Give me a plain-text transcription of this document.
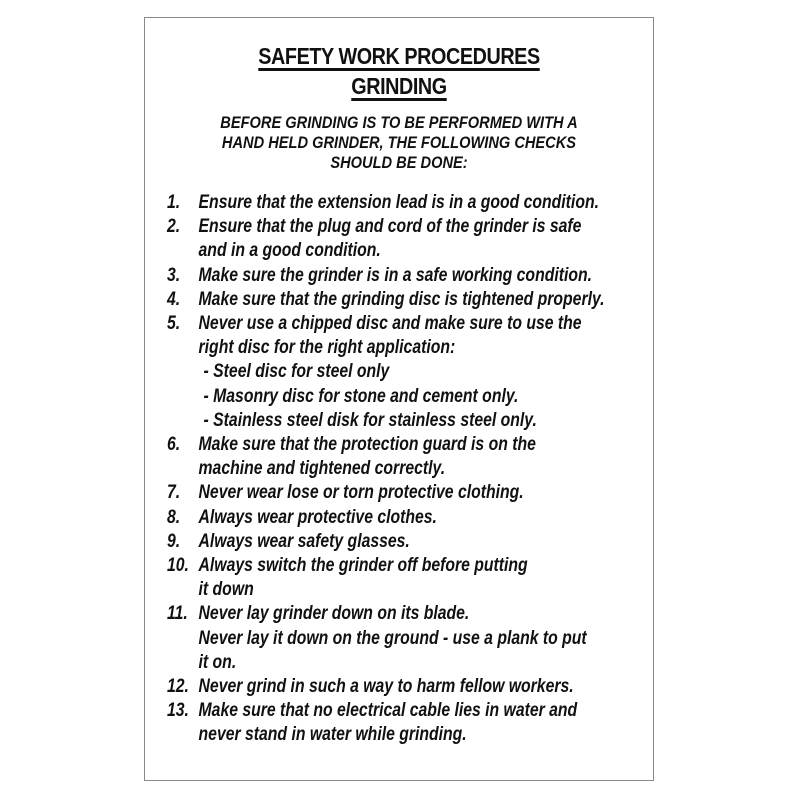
SAFETY WORK PROCEDURES
GRINDING
BEFORE GRINDING IS TO BE PERFORMED WITH A
HAND HELD GRINDER, THE FOLLOWING CHECKS
SHOULD BE DONE:
1. Ensure that the extension lead is in a good condition.
2. Ensure that the plug and cord of the grinder is safe
and in a good condition.
3. Make sure the grinder is in a safe working condition.
4. Make sure that the grinding disc is tightened properly.
5. Never use a chipped disc and make sure to use the
right disc for the right application:
- Steel disc for steel only
- Masonry disc for stone and cement only.
- Stainless steel disk for stainless steel only.
6. Make sure that the protection guard is on the
machine and tightened correctly.
7. Never wear lose or torn protective clothing.
8. Always wear protective clothes.
9. Always wear safety glasses.
10. Always switch the grinder off before putting
it down
11. Never lay grinder down on its blade.
Never lay it down on the ground - use a plank to put
it on.
12. Never grind in such a way to harm fellow workers.
13. Make sure that no electrical cable lies in water and
never stand in water while grinding.
